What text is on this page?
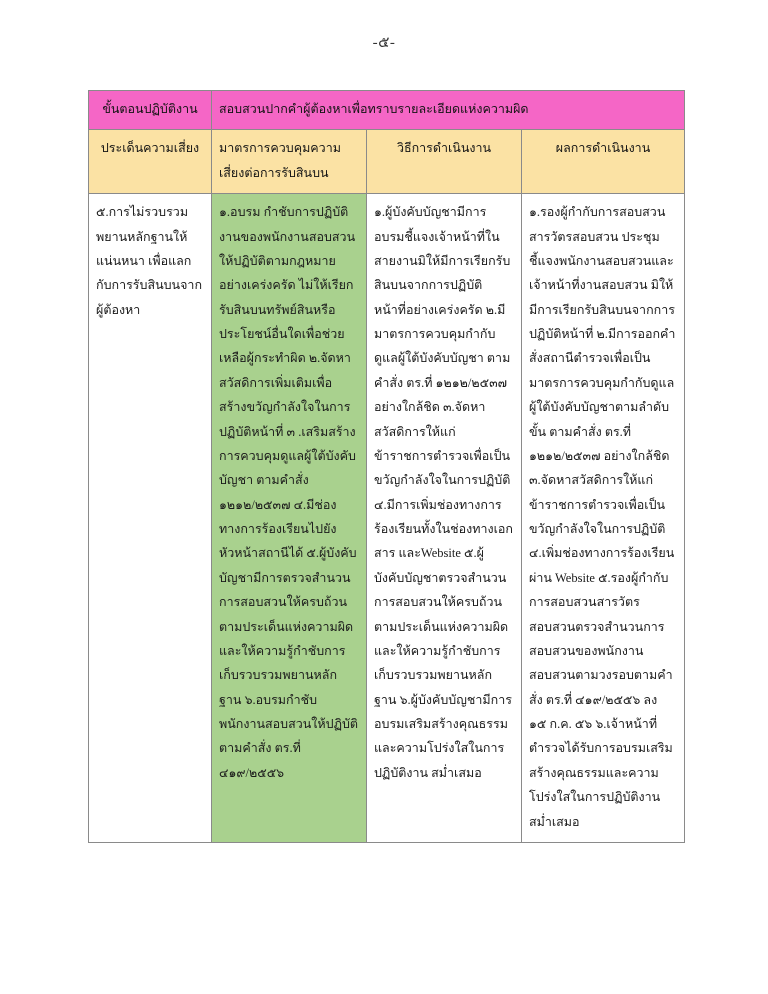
-๕-
ขั้นตอนปฏิบัติงาน	สอบสวนปากคำผู้ต้องหาเพื่อทราบรายละเอียดแห่งความผิด		
ประเด็นความเสี่ยง	มาตรการควบคุมความเสี่ยงต่อการรับสินบน	วิธีการดำเนินงาน	ผลการดำเนินงาน
๕.การไม่รวบรวมพยานหลักฐานให้แน่นหนา เพื่อแลกกับการรับสินบนจากผู้ต้องหา	๑.อบรม กำชับการปฏิบัติงานของพนักงานสอบสวนให้ปฏิบัติตามกฎหมายอย่างเคร่งครัด ไม่ให้เรียกรับสินบนทรัพย์สินหรือ ประโยชน์อื่นใดเพื่อช่วยเหลือผู้กระทำผิด ๒.จัดหาสวัสดิการเพิ่มเติมเพื่อสร้างขวัญกำลังใจในการปฏิบัติหน้าที่ ๓ .เสริมสร้างการควบคุมดูแลผู้ใต้บังคับบัญชา ตามคำสั่ง ๑๒๑๒/๒๕๓๗ ๔.มีช่องทางการร้องเรียนไปยังหัวหน้าสถานีได้ ๕.ผู้บังคับบัญชามีการตรวจสำนวนการสอบสวนให้ครบถ้วนตามประเด็นแห่งความผิดและให้ความรู้กำชับการเก็บรวบรวมพยานหลักฐาน ๖.อบรมกำชับพนักงานสอบสวนให้ปฏิบัติตามคำสั่ง ตร.ที่ ๔๑๙/๒๕๕๖	๑.ผู้บังคับบัญชามีการอบรมชี้แจงเจ้าหน้าที่ในสายงานมิให้มีการเรียกรับสินบนจากการปฏิบัติหน้าที่อย่างเคร่งครัด ๒.มีมาตรการควบคุมกำกับดูแลผู้ใต้บังคับบัญชา ตามคำสั่ง ตร.ที่ ๑๒๑๒/๒๕๓๗ อย่างใกล้ชิด ๓.จัดหาสวัสดิการให้แก่ข้าราชการตำรวจเพื่อเป็นขวัญกำลังใจในการปฏิบัติ ๔.มีการเพิ่มช่องทางการร้องเรียนทั้งในช่องทางเอกสาร และWebsite ๕.ผู้บังคับบัญชาตรวจสำนวนการสอบสวนให้ครบถ้วนตามประเด็นแห่งความผิดและให้ความรู้กำชับการเก็บรวบรวมพยานหลักฐาน ๖.ผู้บังคับบัญชามีการอบรมเสริมสร้างคุณธรรมและความโปร่งใสในการปฏิบัติงาน สม่ำเสมอ	๑.รองผู้กำกับการสอบสวนสารวัตรสอบสวน ประชุมชี้แจงพนักงานสอบสวนและเจ้าหน้าที่งานสอบสวน มิให้มีการเรียกรับสินบนจากการปฏิบัติหน้าที่ ๒.มีการออกคำสั่งสถานีตำรวจเพื่อเป็นมาตรการควบคุมกำกับดูแลผู้ใต้บังคับบัญชาตามลำดับขั้น ตามคำสั่ง ตร.ที่ ๑๒๑๒/๒๕๓๗ อย่างใกล้ชิด ๓.จัดหาสวัสดิการให้แก่ข้าราชการตำรวจเพื่อเป็นขวัญกำลังใจในการปฏิบัติ ๔.เพิ่มช่องทางการร้องเรียนผ่าน Website ๕.รองผู้กำกับการสอบสวนสารวัตรสอบสวนตรวจสำนวนการสอบสวนของพนักงานสอบสวนตามวงรอบตามคำสั่ง ตร.ที่ ๔๑๙/๒๕๕๖ ลง ๑๕ ก.ค. ๕๖ ๖.เจ้าหน้าที่ตำรวจได้รับการอบรมเสริมสร้างคุณธรรมและความโปร่งใสในการปฏิบัติงาน สม่ำเสมอ
